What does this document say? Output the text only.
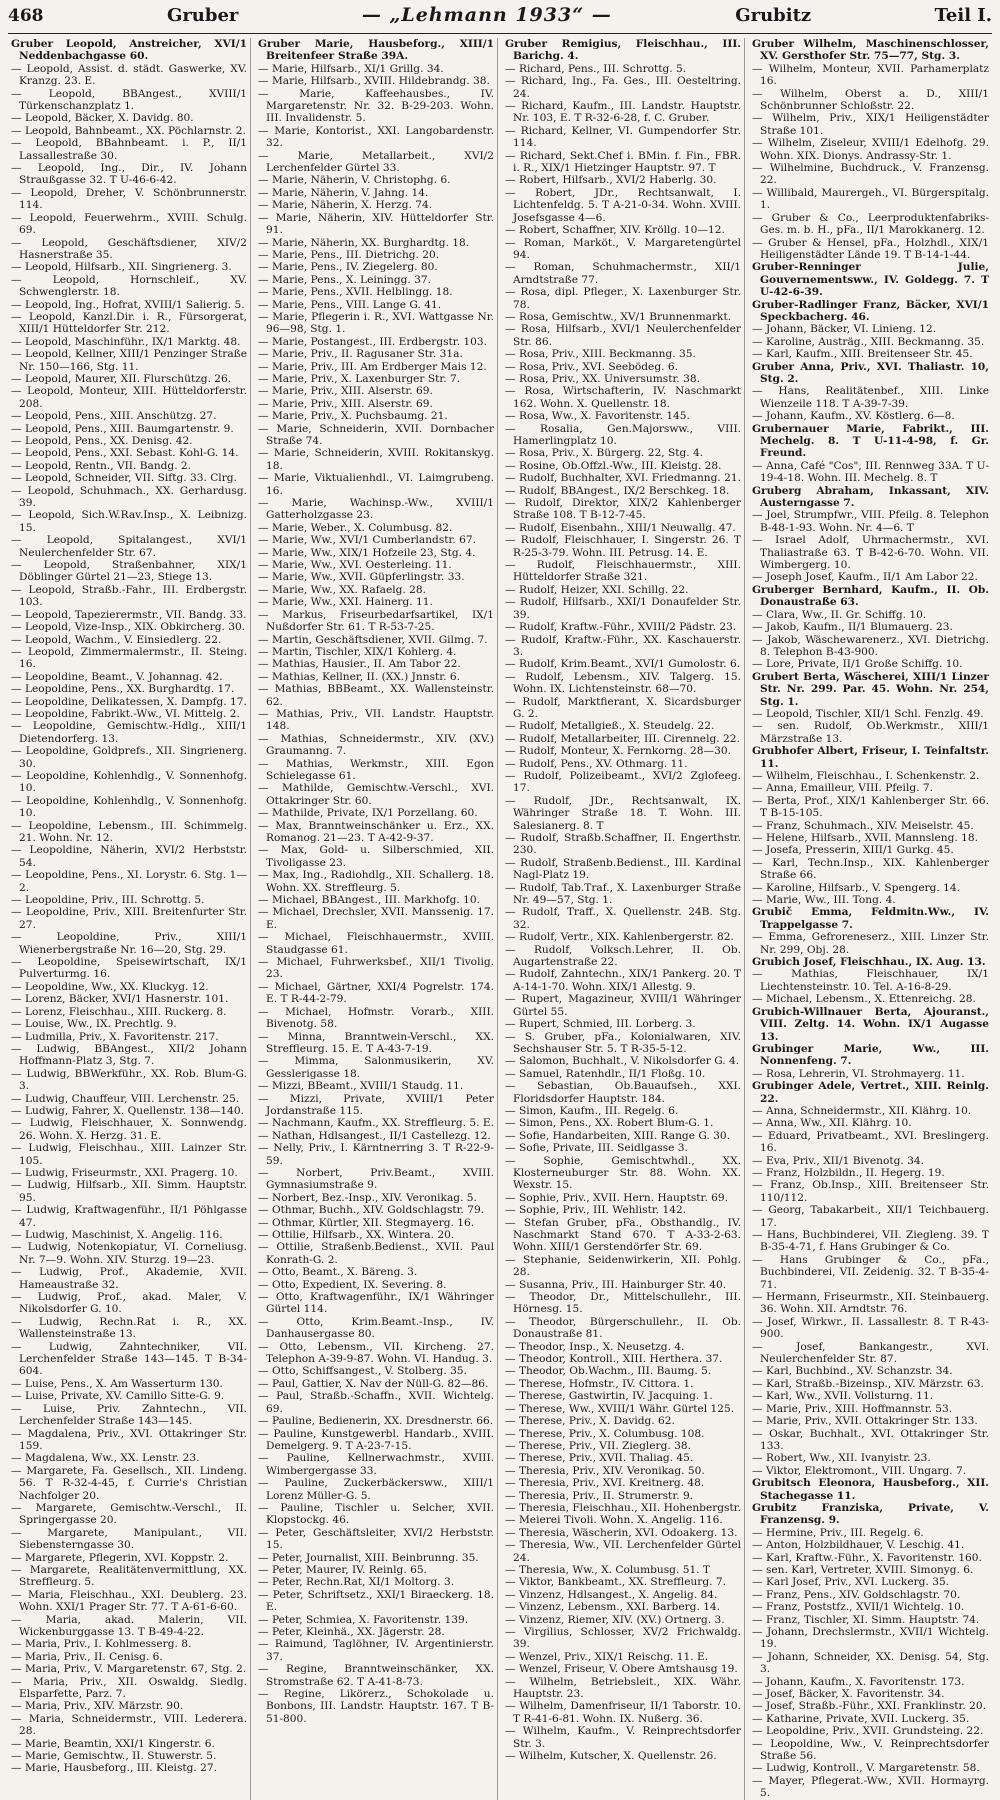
468	Gruber	— „Lehmann 1933“ —	Grubitz	Teil I.
Gruber Leopold, Anstreicher, XVI/1 Neddenbachgasse 60.
— Leopold, Assist. d. städt. Gaswerke, XV. Kranzg. 23. E.
— Leopold, BBAngest., XVIII/1 Türkenschanzplatz 1.
— Leopold, Bäcker, X. Davidg. 80.
— Leopold, Bahnbeamt., XX. Pöchlarnstr. 2.
— Leopold, BBahnbeamt. i. P., II/1 Lassallestraße 30.
— Leopold, Ing., Dir., IV. Johann Straußgasse 32. T U-46-6-42.
— Leopold, Dreher, V. Schönbrunnerstr. 114.
— Leopold, Feuerwehrm., XVIII. Schulg. 69.
— Leopold, Geschäftsdiener, XIV/2 Hasnerstraße 35.
— Leopold, Hilfsarb., XII. Singrienerg. 3.
— Leopold, Hornschleif., XV. Schwenglerstr. 18.
— Leopold, Ing., Hofrat, XVIII/1 Salierig. 5.
— Leopold, Kanzl.Dir. i. R., Fürsorgerat, XIII/1 Hütteldorfer Str. 212.
— Leopold, Maschinführ., IX/1 Marktg. 48.
— Leopold, Kellner, XIII/1 Penzinger Straße Nr. 150—166, Stg. 11.
— Leopold, Maurer, XII. Flurschützg. 26.
— Leopold, Monteur, XIII. Hütteldorferstr. 208.
— Leopold, Pens., XIII. Anschützg. 27.
— Leopold, Pens., XIII. Baumgartenstr. 9.
— Leopold, Pens., XX. Denisg. 42.
— Leopold, Pens., XXI. Sebast. Kohl-G. 14.
— Leopold, Rentn., VII. Bandg. 2.
— Leopold, Schneider, VII. Siftg. 33. Clrg.
— Leopold, Schuhmach., XX. Gerhardusg. 39.
— Leopold, Sich.W.Rav.Insp., X. Leibnizg. 15.
— Leopold, Spitalangest., XVI/1 Neulerchenfelder Str. 67.
— Leopold, Straßenbahner, XIX/1 Döblinger Gürtel 21—23, Stiege 13.
— Leopold, Straßb.-Fahr., III. Erdbergstr. 103.
— Leopold, Tapezierermstr., VII. Bandg. 33.
— Leopold, Vize-Insp., XIX. Obkircherg. 30.
— Leopold, Wachm., V. Einsiedlerg. 22.
— Leopold, Zimmermalermstr., II. Steing. 16.
— Leopoldine, Beamt., V. Johannag. 42.
— Leopoldine, Pens., XX. Burghardtg. 17.
— Leopoldine, Delikatessen, X. Dampfg. 17.
— Leopoldine, Fabrikt.-Ww., VI. Mittelg. 2.
— Leopoldine, Gemischtw.-Hdlg., XIII/1 Dietendorferg. 13.
— Leopoldine, Goldprefs., XII. Singrienerg. 30.
— Leopoldine, Kohlenhdlg., V. Sonnenhofg. 10.
— Leopoldine, Kohlenhdlg., V. Sonnenhofg. 10.
— Leopoldine, Lebensm., III. Schimmelg. 21. Wohn. Nr. 12.
— Leopoldine, Näherin, XVI/2 Herbststr. 54.
— Leopoldine, Pens., XI. Lorystr. 6. Stg. 1—2.
— Leopoldine, Priv., III. Schrottg. 5.
— Leopoldine, Priv., XIII. Breitenfurter Str. 27.
— Leopoldine, Priv., XIII/1 Wienerbergstraße Nr. 16—20, Stg. 29.
— Leopoldine, Speisewirtschaft, IX/1 Pulverturmg. 16.
— Leopoldine, Ww., XX. Kluckyg. 12.
— Lorenz, Bäcker, XVI/1 Hasnerstr. 101.
— Lorenz, Fleischhau., XIII. Ruckerg. 8.
— Louise, Ww., IX. Prechtlg. 9.
— Ludmilla, Priv., X. Favoritenstr. 217.
— Ludwig, BBAngest., XII/2 Johann Hoffmann-Platz 3, Stg. 7.
— Ludwig, BBWerkführ., XX. Rob. Blum-G. 3.
— Ludwig, Chauffeur, VIII. Lerchenstr. 25.
— Ludwig, Fahrer, X. Quellenstr. 138—140.
— Ludwig, Fleischhauer, X. Sonnwendg. 26. Wohn. X. Herzg. 31. E.
— Ludwig, Fleischhau., XIII. Lainzer Str. 105.
— Ludwig, Friseurmstr., XXI. Pragerg. 10.
— Ludwig, Hilfsarb., XII. Simm. Hauptstr. 95.
— Ludwig, Kraftwagenführ., II/1 Pöhlgasse 47.
— Ludwig, Maschinist, X. Angelig. 116.
— Ludwig, Notenkopiatur, VI. Corneliusg. Nr. 7—9. Wohn. XIV. Sturzg. 19—23.
— Ludwig, Prof., Akademie, XVII. Hameaustraße 32.
— Ludwig, Prof., akad. Maler, V. Nikolsdorfer G. 10.
— Ludwig, Rechn.Rat i. R., XX. Wallensteinstraße 13.
— Ludwig, Zahntechniker, VII. Lerchenfelder Straße 143—145. T B-34-604.
— Luise, Pens., X. Am Wasserturm 130.
— Luise, Private, XV. Camillo Sitte-G. 9.
— Luise, Priv. Zahntechn., VII. Lerchenfelder Straße 143—145.
— Magdalena, Priv., XVI. Ottakringer Str. 159.
— Magdalena, Ww., XX. Lenstr. 23.
— Margarete, Fa. Gesellsch., XII. Lindeng. 56. T R-32-4-45, f. Currie's Christian Nachfolger 20.
— Margarete, Gemischtw.-Verschl., II. Springergasse 20.
— Margarete, Manipulant., VII. Siebensterngasse 30.
— Margarete, Pflegerin, XVI. Koppstr. 2.
— Margarete, Realitätenvermittlung, XX. Streffleurg. 5.
— Maria, Fleischhau., XXI. Deublerg. 23. Wohn. XXI/1 Prager Str. 77. T A-61-6-60.
— Maria, akad. Malerin, VII. Wickenburggasse 13. T B-49-4-22.
— Maria, Priv., I. Kohlmesserg. 8.
— Maria, Priv., II. Cenisg. 6.
— Maria, Priv., V. Margaretenstr. 67, Stg. 2.
— Maria, Priv., XII. Oswaldg. Siedlg. Elsparfette, Parz. 7.
— Maria, Priv., XIV. Märzstr. 90.
— Maria, Schneidermstr., VIII. Lederera. 28.
— Marie, Beamtin, XXI/1 Kingerstr. 6.
— Marie, Gemischtw., II. Stuwerstr. 5.
— Marie, Hausbeforg., III. Kleistg. 27.
Gruber Marie, Hausbeforg., XIII/1 Breitenfeer Straße 39A.
— Marie, Hilfsarb., XI/1 Grillg. 34.
— Marie, Hilfsarb., XVIII. Hildebrandg. 38.
— Marie, Kaffeehausbes., IV. Margaretenstr. Nr. 32. B-29-203. Wohn. III. Invalidenstr. 5.
— Marie, Kontorist., XXI. Langobardenstr. 32.
— Marie, Metallarbeit., XVI/2 Lerchenfelder Gürtel 33.
— Marie, Näherin, V. Christophg. 6.
— Marie, Näherin, V. Jahng. 14.
— Marie, Näherin, X. Herzg. 74.
— Marie, Näherin, XIV. Hütteldorfer Str. 91.
— Marie, Näherin, XX. Burghardtg. 18.
— Marie, Pens., III. Dietrichg. 20.
— Marie, Pens., IV. Ziegelerg. 80.
— Marie, Pens., X. Leiningg. 37.
— Marie, Pens., XVII. Helblingg. 18.
— Marie, Pens., VIII. Lange G. 41.
— Marie, Pflegerin i. R., XVI. Wattgasse Nr. 96—98, Stg. 1.
— Marie, Postangest., III. Erdbergstr. 103.
— Marie, Priv., II. Ragusaner Str. 31a.
— Marie, Priv., III. Am Erdberger Mais 12.
— Marie, Priv., X. Laxenburger Str. 7.
— Marie, Priv., XIII. Alserstr. 69.
— Marie, Priv., XIII. Alserstr. 69.
— Marie, Priv., X. Puchsbaumg. 21.
— Marie, Schneiderin, XVII. Dornbacher Straße 74.
— Marie, Schneiderin, XVIII. Rokitanskyg. 18.
— Marie, Viktualienhdl., VI. Laimgrubeng. 16.
— Marie, Wachinsp.-Ww., XVIII/1 Gatterholzgasse 23.
— Marie, Weber., X. Columbusg. 82.
— Marie, Ww., XVI/1 Cumberlandstr. 67.
— Marie, Ww., XIX/1 Hofzeile 23, Stg. 4.
— Marie, Ww., XVI. Oesterleing. 11.
— Marie, Ww., XVII. Güpferlingstr. 33.
— Marie, Ww., XX. Rafaelg. 28.
— Marie, Ww., XXI. Hainerg. 11.
— Markus, Friseurbedarfsartikel, IX/1 Nußdorfer Str. 61. T R-53-7-25.
— Martin, Geschäftsdiener, XVII. Gilmg. 7.
— Martin, Tischler, XIX/1 Kohlerg. 4.
— Mathias, Hausier., II. Am Tabor 22.
— Mathias, Kellner, II. (XX.) Jnnstr. 6.
— Mathias, BBBeamt., XX. Wallensteinstr. 62.
— Mathias, Priv., VII. Landstr. Hauptstr. 148.
— Mathias, Schneidermstr., XIV. (XV.) Graumanng. 7.
— Mathias, Werkmstr., XIII. Egon Schielegasse 61.
— Mathilde, Gemischtw.-Verschl., XVI. Ottakringer Str. 60.
— Mathilde, Private, IX/1 Porzellang. 60.
— Max, Branntweinschänker u. Erz., XX. Romanog. 21—23. T A-42-9-37.
— Max, Gold- u. Silberschmied, XII. Tivoligasse 23.
— Max, Ing., Radiohdlg., XII. Schallerg. 18. Wohn. XX. Streffleurg. 5.
— Michael, BBAngest., III. Markhofg. 10.
— Michael, Drechsler, XVII. Manssenig. 17. E.
— Michael, Fleischhauermstr., XVIII. Staudgasse 61.
— Michael, Fuhrwerksbef., XII/1 Tivolig. 23.
— Michael, Gärtner, XXI/4 Pogrelstr. 174. E. T R-44-2-79.
— Michael, Hofmstr. Vorarb., XIII. Bivenotg. 58.
— Minna, Branntwein-Verschl., XX. Streffleurg. 15. E. T A-43-7-19.
— Mimma, Salonmusikerin, XV. Gesslerigasse 18.
— Mizzi, BBeamt., XVIII/1 Staudg. 11.
— Mizzi, Private, XVIII/1 Peter Jordanstraße 115.
— Nachmann, Kaufm., XX. Streffleurg. 5. E.
— Nathan, Hdlsangest., II/1 Castellezg. 12.
— Nelly, Priv., I. Kärntnerring 3. T R-22-9-59.
— Norbert, Priv.Beamt., XVIII. Gymnasiumstraße 9.
— Norbert, Bez.-Insp., XIV. Veronikag. 5.
— Othmar, Buchh., XIV. Goldschlagstr. 79.
— Othmar, Kürtler, XII. Stegmayerg. 16.
— Ottilie, Hilfsarb., XX. Wintera. 20.
— Ottilie, Straßenb.Bedienst., XVII. Paul Konrath-G. 2.
— Otto, Beamt., X. Bäreng. 3.
— Otto, Expedient, IX. Severing. 8.
— Otto, Kraftwagenführ., IX/1 Währinger Gürtel 114.
— Otto, Krim.Beamt.-Insp., IV. Danhausergasse 80.
— Otto, Lebensm., VII. Kircheng. 27. Telephon A-39-9-87. Wohn. VI. Handug. 3.
— Otto, Schiffsangest., V. Stolberg. 35.
— Paul, Gattier, X. Nav der Nüll-G. 82—86.
— Paul, Straßb.-Schaffn., XVII. Wichtelg. 69.
— Pauline, Bedienerin, XX. Dresdnerstr. 66.
— Pauline, Kunstgewerbl. Handarb., XVIII. Demelgerg. 9. T A-23-7-15.
— Pauline, Kellnerwachmstr., XVIII. Wimbergergasse 33.
— Pauline, Zuckerbäckersww., XIII/1 Lorenz Müller-G. 5.
— Pauline, Tischler u. Selcher, XVII. Klopstockg. 46.
— Peter, Geschäftsleiter, XVI/2 Herbststr. 15.
— Peter, Journalist, XIII. Beinbrunng. 35.
— Peter, Maurer, IV. Reinlg. 65.
— Peter, Rechn.Rat, XI/1 Moltorg. 3.
— Peter, Schriftsetz., XXI/1 Biraeckerg. 18. E.
— Peter, Schmiea, X. Favoritenstr. 139.
— Peter, Kleinhä., XX. Jägerstr. 28.
— Raimund, Taglöhner, IV. Argentinierstr. 37.
— Regine, Branntweinschänker, XX. Stromstraße 62. T A-41-8-73.
— Regine, Likörerz., Schokolade u. Bonbons, III. Landstr. Hauptstr. 167. T B-51-800.
Gruber Remigius, Fleischhau., III. Barichg. 4.
— Richard, Pens., III. Schrottg. 5.
— Richard, Ing., Fa. Ges., III. Oesteltring. 24.
— Richard, Kaufm., III. Landstr. Hauptstr. Nr. 103, E. T R-32-6-28, f. C. Gruber.
— Richard, Kellner, VI. Gumpendorfer Str. 114.
— Richard, Sekt.Chef i. BMin. f. Fin., FBR. i. R., XIX/1 Hietzinger Hauptstr. 97. T
— Robert, Hilfsarb., XVI/2 Haberlg. 30.
— Robert, JDr., Rechtsanwalt, I. Lichtenfeldg. 5. T A-21-0-34. Wohn. XVIII. Josefsgasse 4—6.
— Robert, Schaffner, XIV. Kröllg. 10—12.
— Roman, Marköt., V. Margaretengürtel 94.
— Roman, Schuhmachermstr., XII/1 Arndtstraße 77.
— Rosa, dipl. Pfleger., X. Laxenburger Str. 78.
— Rosa, Gemischtw., XV/1 Brunnenmarkt.
— Rosa, Hilfsarb., XVI/1 Neulerchenfelder Str. 86.
— Rosa, Priv., XIII. Beckmanng. 35.
— Rosa, Priv., XVI. Seebödeg. 6.
— Rosa, Priv., XX. Universumstr. 38.
— Rosa, Wirtschafterin, IV. Naschmarkt 162. Wohn. X. Quellenstr. 18.
— Rosa, Ww., X. Favoritenstr. 145.
— Rosalia, Gen.Majorsww., VIII. Hamerlingplatz 10.
— Rosa, Priv., X. Bürgerg. 22, Stg. 4.
— Rosine, Ob.Offzl.-Ww., III. Kleistg. 28.
— Rudolf, Buchhalter, XVI. Friedmanng. 21.
— Rudolf, BBAngest., IX/2 Berschkeg. 18.
— Rudolf, Direktor, XIX/2 Kahlenberger Straße 108. T B-12-7-45.
— Rudolf, Eisenbahn., XIII/1 Neuwallg. 47.
— Rudolf, Fleischhauer, I. Singerstr. 26. T R-25-3-79. Wohn. III. Petrusg. 14. E.
— Rudolf, Fleischhauermstr., XIII. Hütteldorfer Straße 321.
— Rudolf, Heizer, XXI. Schillg. 22.
— Rudolf, Hilfsarb., XXI/1 Donaufelder Str. 39.
— Rudolf, Kraftw.-Führ., XVIII/2 Pädstr. 23.
— Rudolf, Kraftw.-Führ., XX. Kaschauerstr. 3.
— Rudolf, Krim.Beamt., XVI/1 Gumolostr. 6.
— Rudolf, Lebensm., XIV. Talgerg. 15. Wohn. IX. Lichtensteinstr. 68—70.
— Rudolf, Marktfierant, X. Sicardsburger G. 2.
— Rudolf, Metallgieß., X. Steudelg. 22.
— Rudolf, Metallarbeiter, III. Cirennelg. 22.
— Rudolf, Monteur, X. Fernkorng. 28—30.
— Rudolf, Pens., XV. Othmarg. 11.
— Rudolf, Polizeibeamt., XVI/2 Zglofeeg. 17.
— Rudolf, JDr., Rechtsanwalt, IX. Währinger Straße 18. T. Wohn. III. Salesianerg. 8. T
— Rudolf, Straßb.Schaffner, II. Engerthstr. 230.
— Rudolf, Straßenb.Bedienst., III. Kardinal Nagl-Platz 19.
— Rudolf, Tab.Traf., X. Laxenburger Straße Nr. 49—57, Stg. 1.
— Rudolf, Traff., X. Quellenstr. 24B. Stg. 32.
— Rudolf, Vertr., XIX. Kahlenbergerstr. 82.
— Rudolf, Volksch.Lehrer, II. Ob. Augartenstraße 22.
— Rudolf, Zahntechn., XIX/1 Pankerg. 20. T A-14-1-70. Wohn. XIX/1 Allestg. 9.
— Rupert, Magazineur, XVIII/1 Währinger Gürtel 55.
— Rupert, Schmied, III. Lorberg. 3.
— S. Gruber, pFa., Kolonialwaren, XIV. Sechshauser Str. 5. T R-35-5-12.
— Salomon, Buchhalt., V. Nikolsdorfer G. 4.
— Samuel, Ratenhdlr., II/1 Floßg. 10.
— Sebastian, Ob.Bauaufseh., XXI. Floridsdorfer Hauptstr. 184.
— Simon, Kaufm., III. Regelg. 6.
— Simon, Pens., XX. Robert Blum-G. 1.
— Sofie, Handarbeiten, XIII. Range G. 30.
— Sofie, Private, III. Seidlgasse 3.
— Sophie, Gemischtwhdl., XX. Klosterneuburger Str. 88. Wohn. XX. Wexstr. 15.
— Sophie, Priv., XVII. Hern. Hauptstr. 69.
— Sophie, Priv., III. Wehlistr. 142.
— Stefan Gruber, pFa., Obsthandlg., IV. Naschmarkt Stand 670. T A-33-2-63. Wohn. XIII/1 Gerstendörfer Str. 69.
— Stephanie, Seidenwirkerin, XII. Pohlg. 28.
— Susanna, Priv., III. Hainburger Str. 40.
— Theodor, Dr., Mittelschullehr., III. Hörnesg. 15.
— Theodor, Bürgerschullehr., II. Ob. Donaustraße 81.
— Theodor, Insp., X. Neusetzg. 4.
— Theodor, Kontroll., XIII. Herthera. 37.
— Theodor, Ob.Wachm., III. Baumg. 5.
— Therese, Hofmstr., IV. Cittora. 1.
— Therese, Gastwirtin, IV. Jacquing. 1.
— Therese, Ww., XVIII/1 Währ. Gürtel 125.
— Therese, Priv., X. Davidg. 62.
— Therese, Priv., X. Columbusg. 108.
— Therese, Priv., VII. Zieglerg. 38.
— Therese, Priv., XVII. Thaliag. 45.
— Theresia, Priv., XIV. Veronikag. 50.
— Theresia, Priv., XVI. Kreitnerg. 48.
— Theresia, Priv., II. Strumerstr. 9.
— Theresia, Fleischhau., XII. Hohenbergstr.
— Meierei Tivoli. Wohn. X. Angelig. 116.
— Theresia, Wäscherin, XVI. Odoakerg. 13.
— Theresia, Ww., VII. Lerchenfelder Gürtel 24.
— Theresia, Ww., X. Columbusg. 51. T
— Viktor, Bankbeamt., XX. Streffleurg. 7.
— Vinzenz, Hdlsangest., X. Angelig. 84.
— Vinzenz, Lebensm., XXI. Barberg. 14.
— Vinzenz, Riemer, XIV. (XV.) Ortnerg. 3.
— Virgilius, Schlosser, XV/2 Frichwaldg. 39.
— Wenzel, Priv., XIX/1 Reischg. 11. E.
— Wenzel, Friseur, V. Obere Amtshausg 19.
— Wilhelm, Betriebsleit., XIX. Währ. Hauptstr. 23.
— Wilhelm, Damenfriseur, II/1 Taborstr. 10. T R-41-6-81. Wohn. IX. Nußerg. 36.
— Wilhelm, Kaufm., V. Reinprechtsdorfer Str. 3.
— Wilhelm, Kutscher, X. Quellenstr. 26.
Gruber Wilhelm, Maschinenschlosser, XV. Gersthofer Str. 75—77, Stg. 3.
— Wilhelm, Monteur, XVII. Parhamerplatz 16.
— Wilhelm, Oberst a. D., XIII/1 Schönbrunner Schloßstr. 22.
— Wilhelm, Priv., XIX/1 Heiligenstädter Straße 101.
— Wilhelm, Ziseleur, XVIII/1 Edelhofg. 29. Wohn. XIX. Dionys. Andrassy-Str. 1.
— Wilhelmine, Buchdruck., V. Franzensg. 22.
— Willibald, Maurergeh., VI. Bürgerspitalg. 1.
— Gruber & Co., Leerproduktenfabriks-Ges. m. b. H., pFa., II/1 Marokkanerg. 12.
— Gruber & Hensel, pFa., Holzhdl., XIX/1 Heiligenstädter Lände 19. T B-14-1-44.
Gruber-Renninger Julie, Gouvernementsww., IV. Goldegg. 7. T U-42-6-39.
Gruber-Radlinger Franz, Bäcker, XVI/1 Speckbacherg. 46.
— Johann, Bäcker, VI. Linieng. 12.
— Karoline, Austräg., XIII. Beckmanng. 35.
— Karl, Kaufm., XIII. Breitenseer Str. 45.
Gruber Anna, Priv., XVI. Thaliastr. 10, Stg. 2.
— Hans, Realitätenbef., XIII. Linke Wienzeile 118. T A-39-7-39.
— Johann, Kaufm., XV. Köstlerg. 6—8.
Grubernauer Marie, Fabrikt., III. Mechelg. 8. T U-11-4-98, f. Gr. Freund.
— Anna, Café "Cos", III. Rennweg 33A. T U-19-4-18. Wohn. III. Mechelg. 8. T
Gruberg Abraham, Inkassant, XIV. Austerngasse 7.
— Joel, Strumpfwr., VIII. Pfeilg. 8. Telephon B-48-1-93. Wohn. Nr. 4—6. T
— Israel Adolf, Uhrmachermstr., XVI. Thaliastraße 63. T B-42-6-70. Wohn. VII. Wimbergerg. 10.
— Joseph Josef, Kaufm., II/1 Am Labor 22.
Gruberger Bernhard, Kaufm., II. Ob. Donaustraße 63.
— Clara, Ww., II. Gr. Schiffg. 10.
— Jakob, Kaufm., II/1 Blumauerg. 23.
— Jakob, Wäschewarenerz., XVI. Dietrichg. 8. Telephon B-43-900.
— Lore, Private, II/1 Große Schiffg. 10.
Grubert Berta, Wäscherei, XIII/1 Linzer Str. Nr. 299. Par. 45. Wohn. Nr. 254, Stg. 1.
— Leopold, Tischler, XII/1 Schl. Fenzlg. 49.
— sen. Rudolf, Ob.Werkmstr., XIII/1 Märzstraße 13.
Grubhofer Albert, Friseur, I. Teinfaltstr. 11.
— Wilhelm, Fleischhau., I. Schenkenstr. 2.
— Anna, Emailleur, VIII. Pfeilg. 7.
— Berta, Prof., XIX/1 Kahlenberger Str. 66. T B-15-105.
— Franz, Schuhmach., XIV. Meiselstr. 45.
— Helene, Hilfsarb., XVII. Mannsleng. 18.
— Josefa, Presserin, XIII/1 Gurkg. 45.
— Karl, Techn.Insp., XIX. Kahlenberger Straße 66.
— Karoline, Hilfsarb., V. Spengerg. 14.
— Marie, Ww., III. Tong. 4.
Grubič Emma, Feldmitn.Ww., IV. Trappelgasse 7.
— Emma, Gefroreneserz., XIII. Linzer Str. Nr. 299, Obj. 28.
Grubich Josef, Fleischhau., IX. Aug. 13.
— Mathias, Fleischhauer, IX/1 Liechtensteinstr. 10. Tel. A-16-8-29.
— Michael, Lebensm., X. Ettenreichg. 28.
Grubich-Willnauer Berta, Ajouranst., VIII. Zeltg. 14. Wohn. IX/1 Augasse 13.
Grubinger Marie, Ww., III. Nonnenfeng. 7.
— Rosa, Lehrerin, VI. Strohmayerg. 11.
Grubinger Adele, Vertret., XIII. Reinlg. 22.
— Anna, Schneidermstr., XII. Klährg. 10.
— Anna, Ww., XII. Klährg. 10.
— Eduard, Privatbeamt., XVI. Breslingerg. 16.
— Eva, Priv., XII/1 Bivenotg. 34.
— Franz, Holzbildn., II. Hegerg. 19.
— Franz, Ob.Insp., XIII. Breitenseer Str. 110/112.
— Georg, Tabakarbeit., XII/1 Teichbauerg. 17.
— Hans, Buchbinderei, VII. Ziegleng. 39. T B-35-4-71, f. Hans Grubinger & Co.
— Hans Grubinger & Co., pFa., Buchbinderei, VII. Zeidenig. 32. T B-35-4-71.
— Hermann, Friseurmstr., XII. Steinbauerg. 36. Wohn. XII. Arndtstr. 76.
— Josef, Wirkwr., II. Lassallestr. 8. T R-43-900.
— Josef, Bankangestr., XVI. Neulerchenfelder Str. 87.
— Karl, Buchbind., XV. Schanzstr. 34.
— Karl, Straßb.-Bizeinsp., XIV. Märzstr. 63.
— Karl, Ww., XVII. Vollsturng. 11.
— Marie, Priv., XIII. Hoffmannstr. 53.
— Marie, Priv., XVII. Ottakringer Str. 133.
— Oskar, Buchhalt., XVI. Ottakringer Str. 133.
— Robert, Ww., XII. Ivanyistr. 23.
— Viktor, Elektromont., VIII. Ungarg. 7.
Grubitsch Eleonora, Hausbeforg., XII. Stachegasse 11.
Grubitz Franziska, Private, V. Franzensg. 9.
— Hermine, Priv., III. Regelg. 6.
— Anton, Holzbildhauer, V. Leschig. 41.
— Karl, Kraftw.-Führ., X. Favoritenstr. 160.
— sen. Karl, Vertreter, XVIII. Simonyg. 6.
— Karl Josef, Priv., XVI. Luckerg. 35.
— Franz, Pens., XIV. Goldschlagstr. 70.
— Franz, Poststfz., XVII/1 Wichtelg. 10.
— Franz, Tischler, XI. Simm. Hauptstr. 74.
— Johann, Drechslermstr., XVII/1 Wichtelg. 19.
— Johann, Schneider, XX. Denisg. 54, Stg. 3.
— Johann, Kaufm., X. Favoritenstr. 173.
— Josef, Bäcker, X. Favoritenstr. 34.
— Josef, Straßb.-Führ., XXI. Franklinstr. 20.
— Katharine, Private, XVII. Luckerg. 35.
— Leopoldine, Priv., XVII. Grundsteing. 22.
— Leopoldine, Ww., V. Reinprechtsdorfer Straße 56.
— Ludwig, Kontroll., V. Margaretenstr. 58.
— Mayer, Pflegerat.-Ww., XVII. Hormayrg. 5.
